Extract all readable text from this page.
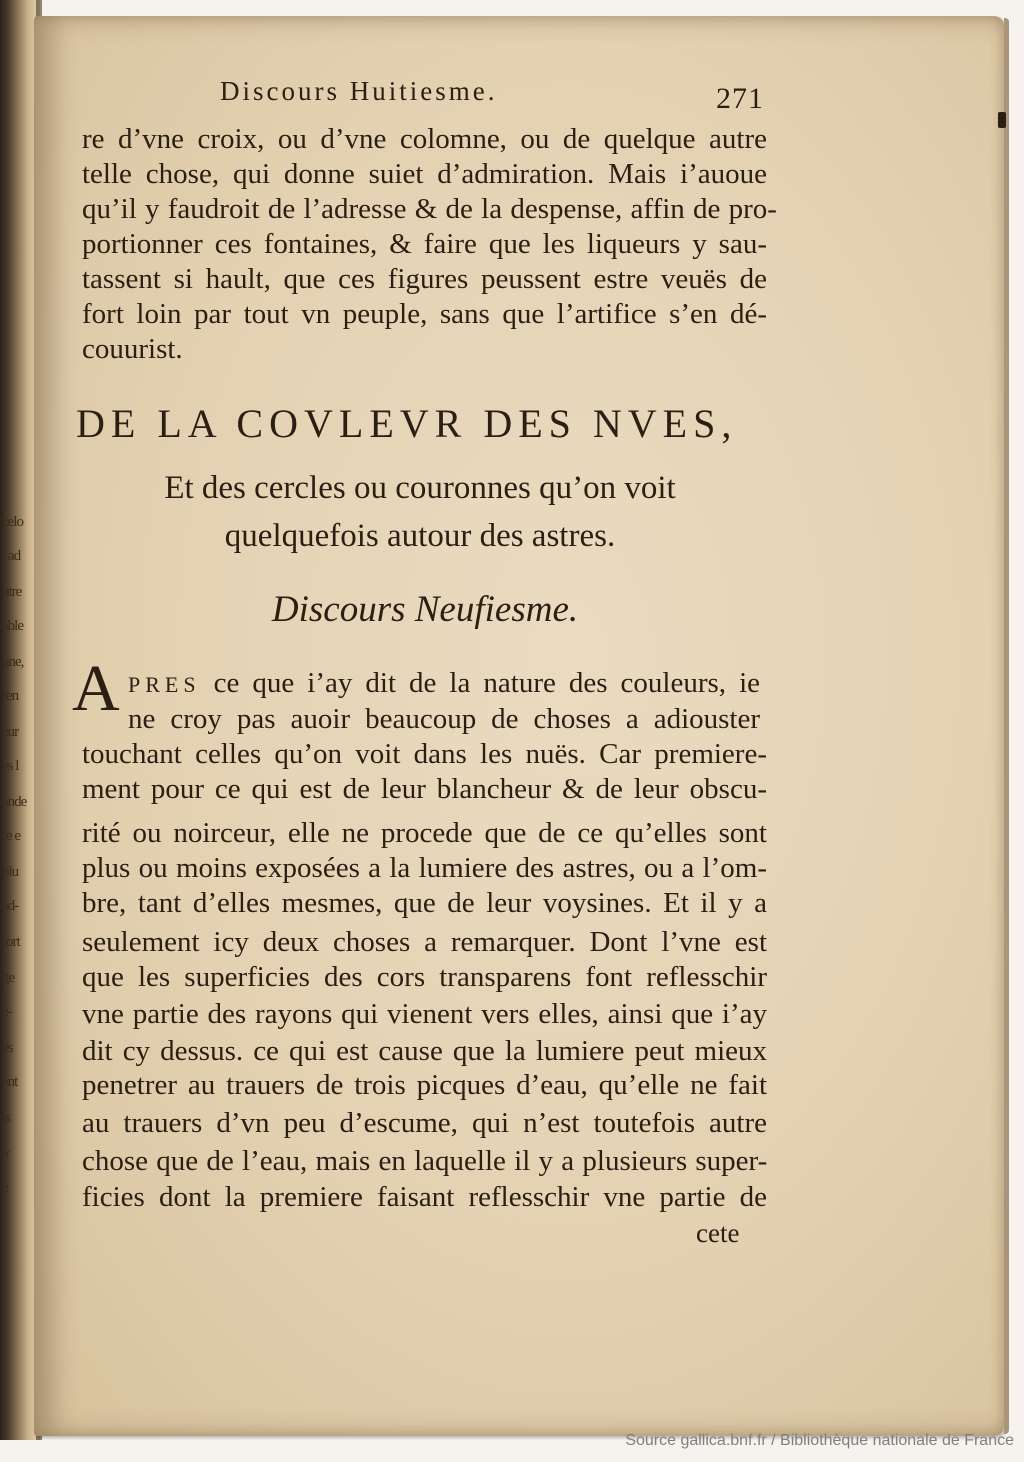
celo
t ad
utre
able
une,
ren
eur
es l
ande
re e
plu
ad-
fort
ge
e-
es
ent
is
ir
e
Discours Huitiesme.	271
re d’vne croix, ou d’vne colomne, ou de quelque autre
telle chose, qui donne suiet d’admiration. Mais i’auoue
qu’il y faudroit de l’adresse & de la despense, affin de pro-
portionner ces fontaines, & faire que les liqueurs y sau-
tassent si hault, que ces figures peussent estre veuës de
fort loin par tout vn peuple, sans que l’artifice s’en dé-
couurist.
DE LA COVLEVR DES NVES,
Et des cercles ou couronnes qu’on voit
quelquefois autour des astres.
Discours Neufiesme.
A PRES ce que i’ay dit de la nature des couleurs, ie
ne croy pas auoir beaucoup de choses a adiouster
touchant celles qu’on voit dans les nuës. Car premiere-
ment pour ce qui est de leur blancheur & de leur obscu-
rité ou noirceur, elle ne procede que de ce qu’elles sont
plus ou moins exposées a la lumiere des astres, ou a l’om-
bre, tant d’elles mesmes, que de leur voysines. Et il y a
seulement icy deux choses a remarquer. Dont l’vne est
que les superficies des cors transparens font reflesschir
vne partie des rayons qui vienent vers elles, ainsi que i’ay
dit cy dessus. ce qui est cause que la lumiere peut mieux
penetrer au trauers de trois picques d’eau, qu’elle ne fait
au trauers d’vn peu d’escume, qui n’est toutefois autre
chose que de l’eau, mais en laquelle il y a plusieurs super-
ficies dont la premiere faisant reflesschir vne partie de
cete
Source gallica.bnf.fr / Bibliothèque nationale de France
